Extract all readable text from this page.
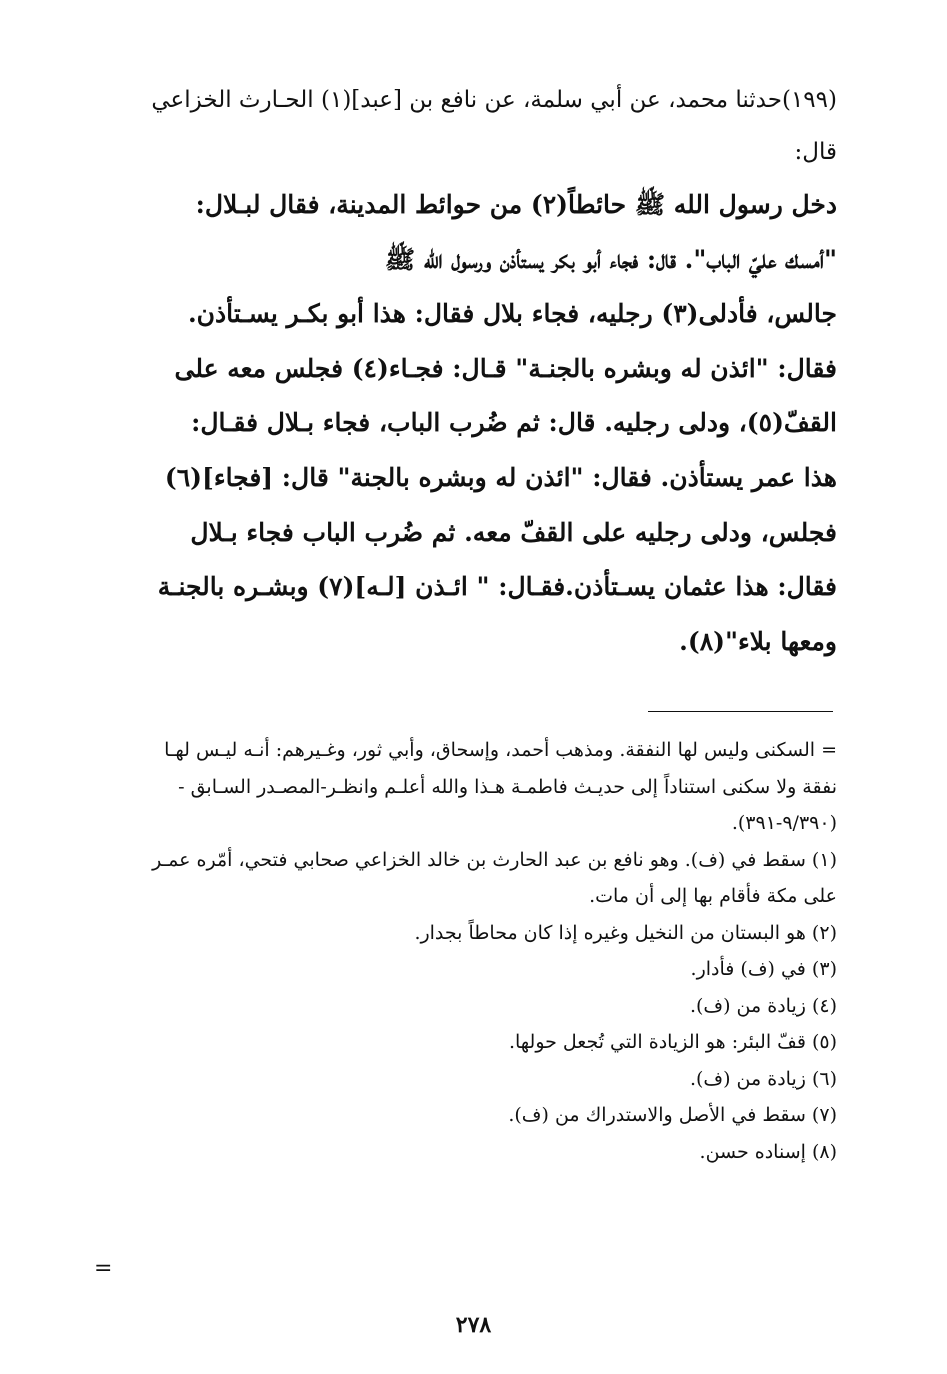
(١٩٩)حدثنا محمد، عن أبي سلمة، عن نافع بن [عبد](١) الحـارث الخزاعي

قال:

دخل رسول الله ﷺ حائطاً(٢) من حوائط المدينة، فقال لبـلال:

"أمسك عليّ الباب". قال: فجاء أبو بكر يستأذن ورسول الله ﷺ

جالس، فأدلى(٣) رجليه، فجاء بلال فقال: هذا أبو بكـر يسـتأذن.

فقال: "ائذن له وبشره بالجنـة" قـال: فجـاء(٤) فجلس معه على

القفّ(٥)، ودلى رجليه. قال: ثم ضُرب الباب، فجاء بـلال فقـال:

هذا عمر يستأذن. فقال: "ائذن له وبشره بالجنة" قال: [فجاء](٦)

فجلس، ودلى رجليه على القفّ معه. ثم ضُرب الباب فجاء بـلال

فقال: هذا عثمان يسـتأذن.فقـال: " ائـذن [لـه](٧) وبشـره بالجنـة

ومعها بلاء"(٨).

= السكنى وليس لها النفقة. ومذهب أحمد، وإسحاق، وأبي ثور، وغـيرهم: أنـه ليـس لهـا
نفقة ولا سكنى استناداً إلى حديـث فاطمـة هـذا والله أعلـم وانظـر-المصـدر السـابق -
(٩/٣٩٠-٣٩١).
(١) سقط في (ف). وهو نافع بن عبد الحارث بن خالد الخزاعي صحابي فتحي، أمّره عمـر
على مكة فأقام بها إلى أن مات.
(٢) هو البستان من النخيل وغيره إذا كان محاطاً بجدار.
(٣) في (ف) فأدار.
(٤) زيادة من (ف).
(٥) قفّ البئر: هو الزيادة التي تُجعل حولها.
(٦) زيادة من (ف).
(٧) سقط في الأصل والاستدراك من (ف).
(٨) إسناده حسن.
=
٢٧٨
